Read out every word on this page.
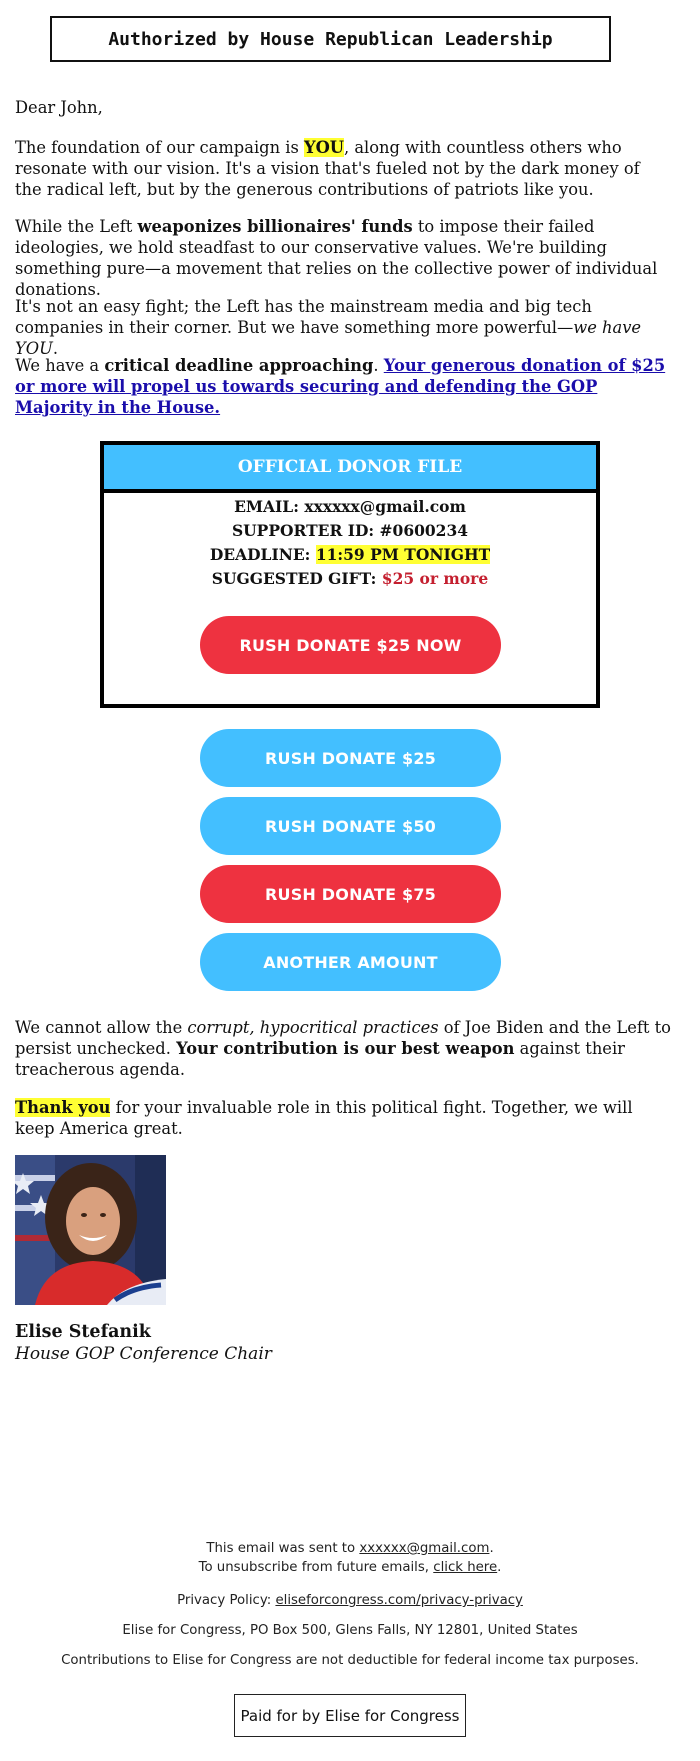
Authorized by House Republican Leadership

Dear John,

The foundation of our campaign is YOU, along with countless others who resonate with our vision. It's a vision that's fueled not by the dark money of the radical left, but by the generous contributions of patriots like you.

While the Left weaponizes billionaires' funds to impose their failed ideologies, we hold steadfast to our conservative values. We're building something pure—a movement that relies on the collective power of individual donations.

It's not an easy fight; the Left has the mainstream media and big tech companies in their corner. But we have something more powerful—we have YOU.

We have a critical deadline approaching. Your generous donation of $25 or more will propel us towards securing and defending the GOP Majority in the House.

OFFICIAL DONOR FILE
EMAIL: xxxxxx@gmail.com
SUPPORTER ID: #0600234
DEADLINE: 11:59 PM TONIGHT
SUGGESTED GIFT: $25 or more
RUSH DONATE $25 NOW
RUSH DONATE $25
RUSH DONATE $50
RUSH DONATE $75
ANOTHER AMOUNT

We cannot allow the corrupt, hypocritical practices of Joe Biden and the Left to persist unchecked. Your contribution is our best weapon against their treacherous agenda.

Thank you for your invaluable role in this political fight. Together, we will keep America great.

Elise Stefanik
House GOP Conference Chair
This email was sent to xxxxxx@gmail.com.
To unsubscribe from future emails, click here.
Privacy Policy: eliseforcongress.com/privacy-privacy
Elise for Congress, PO Box 500, Glens Falls, NY 12801, United States
Contributions to Elise for Congress are not deductible for federal income tax purposes.
Paid for by Elise for Congress
